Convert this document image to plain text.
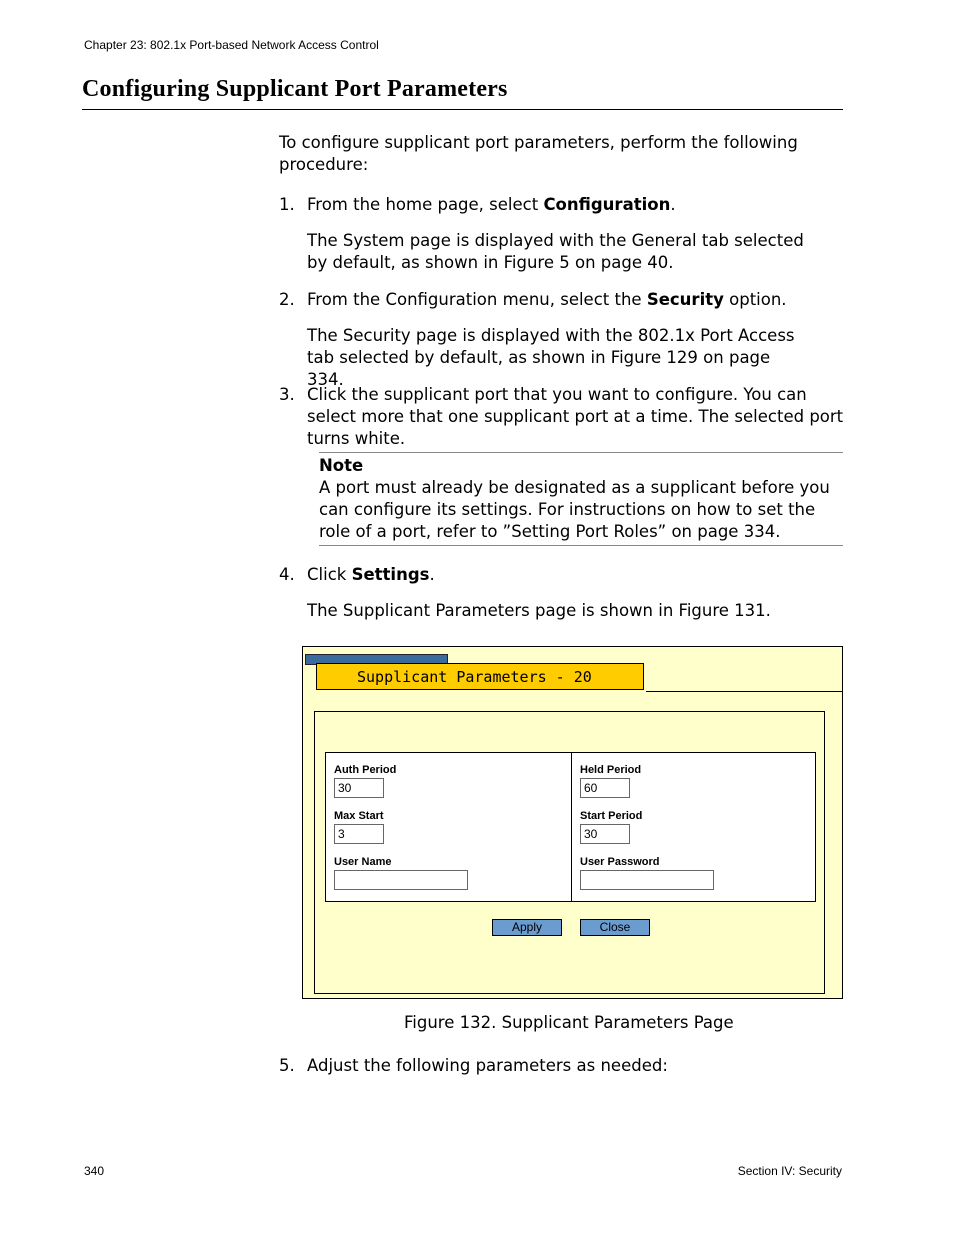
Chapter 23: 802.1x Port-based Network Access Control
Configuring Supplicant Port Parameters
To configure supplicant port parameters, perform the following procedure:
1. From the home page, select Configuration.
The System page is displayed with the General tab selected by default, as shown in Figure 5 on page 40.
2. From the Configuration menu, select the Security option.
The Security page is displayed with the 802.1x Port Access tab selected by default, as shown in Figure 129 on page 334.
3. Click the supplicant port that you want to configure. You can select more that one supplicant port at a time. The selected port turns white.
Note
A port must already be designated as a supplicant before you can configure its settings. For instructions on how to set the role of a port, refer to ”Setting Port Roles” on page 334.
4. Click Settings.
The Supplicant Parameters page is shown in Figure 131.
Supplicant Parameters - 20
Auth Period
30
Max Start
3
User Name
Held Period
60
Start Period
30
User Password
Apply	Close
Figure 132. Supplicant Parameters Page
5. Adjust the following parameters as needed:
340	Section IV: Security
